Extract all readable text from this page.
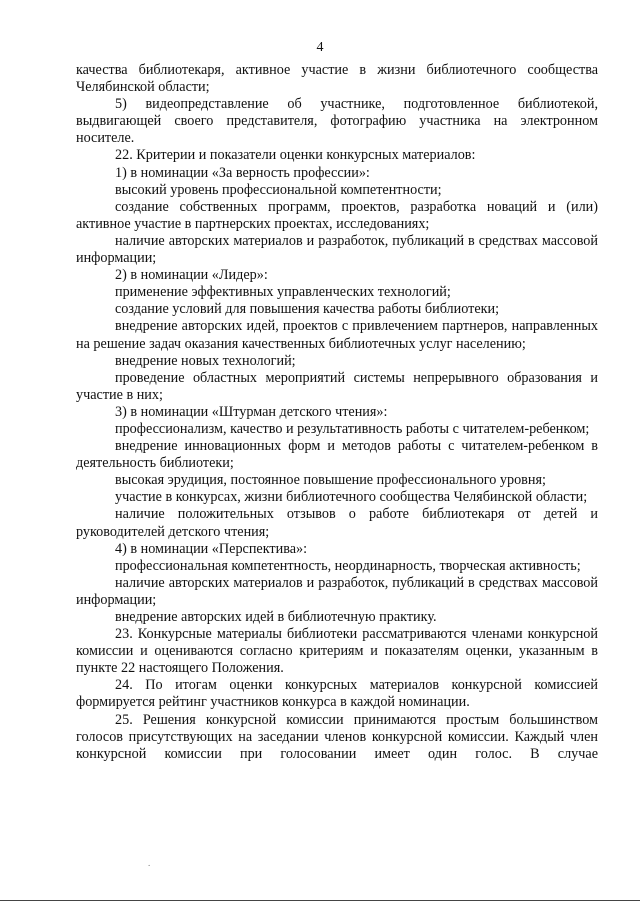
4

качества библиотекаря, активное участие в жизни библиотечного сообщества Челябинской области;

5) видеопредставление об участнике, подготовленное библиотекой, выдвигающей своего представителя, фотографию участника на электронном носителе.

22. Критерии и показатели оценки конкурсных материалов:

1) в номинации «За верность профессии»:

высокий уровень профессиональной компетентности;

создание собственных программ, проектов, разработка новаций и (или) активное участие в партнерских проектах, исследованиях;

наличие авторских материалов и разработок, публикаций в средствах массовой информации;

2) в номинации «Лидер»:

применение эффективных управленческих технологий;

создание условий для повышения качества работы библиотеки;

внедрение авторских идей, проектов с привлечением партнеров, направленных на решение задач оказания качественных библиотечных услуг населению;

внедрение новых технологий;

проведение областных мероприятий системы непрерывного образования и участие в них;

3) в номинации «Штурман детского чтения»:

профессионализм, качество и результативность работы с читателем-ребенком;

внедрение инновационных форм и методов работы с читателем-ребенком в деятельность библиотеки;

высокая эрудиция, постоянное повышение профессионального уровня;

участие в конкурсах, жизни библиотечного сообщества Челябинской области;

наличие положительных отзывов о работе библиотекаря от детей и руководителей детского чтения;

4) в номинации «Перспектива»:

профессиональная компетентность, неординарность, творческая активность;

наличие авторских материалов и разработок, публикаций в средствах массовой информации;

внедрение авторских идей в библиотечную практику.

23. Конкурсные материалы библиотеки рассматриваются членами конкурсной комиссии и оцениваются согласно критериям и показателям оценки, указанным в пункте 22 настоящего Положения.

24. По итогам оценки конкурсных материалов конкурсной комиссией формируется рейтинг участников конкурса в каждой номинации.

25. Решения конкурсной комиссии принимаются простым большинством голосов присутствующих на заседании членов конкурсной комиссии. Каждый член конкурсной комиссии при голосовании имеет один голос. В случае

.
